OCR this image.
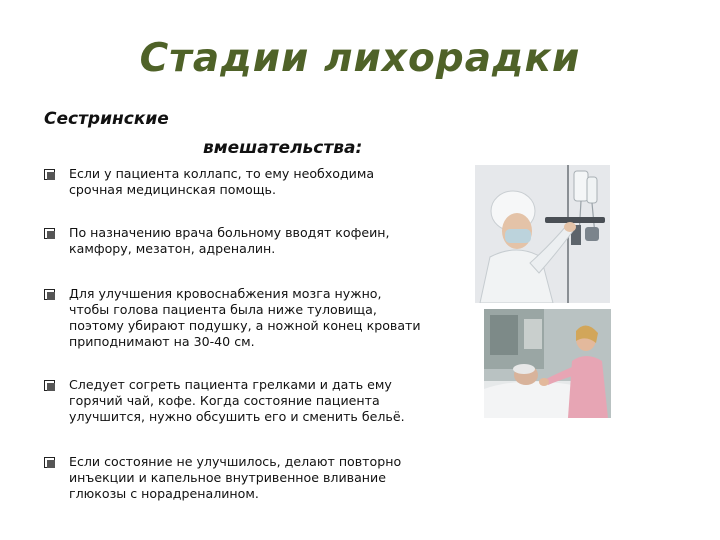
Стадии лихорадки
Сестринские
вмешательства:
Если у пациента коллапс, то ему необходима
срочная медицинская помощь.
По назначению врача больному вводят кофеин,
камфору, мезатон, адреналин.
Для улучшения кровоснабжения мозга нужно,
чтобы голова пациента была ниже туловища,
поэтому убирают подушку, а ножной конец кровати
приподнимают на 30-40 см.
Следует согреть пациента грелками и дать ему
горячий чай, кофе. Когда состояние пациента
улучшится, нужно обсушить его и сменить бельё.
Если состояние не улучшилось, делают повторно
инъекции и капельное внутривенное вливание
глюкозы с норадреналином.
